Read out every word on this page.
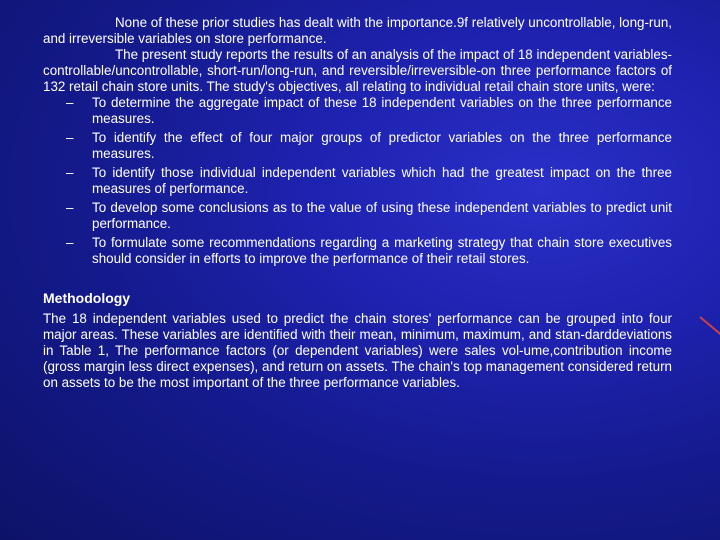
None of these prior studies has dealt with the importance.9f relatively uncontrollable, long-run, and irreversible variables on store performance.

The present study reports the results of an analysis of the impact of 18 independent variables-controllable/uncontrollable, short-run/long-run, and reversible/irreversible-on three performance factors of 132 retail chain store units. The study's objectives, all relating to individual retail chain store units, were:

– To determine the aggregate impact of these 18 independent variables on the three performance measures.
– To identify the effect of four major groups of predictor variables on the three performance measures.
– To identify those individual independent variables which had the greatest impact on the three measures of performance.
– To develop some conclusions as to the value of using these independent variables to predict unit performance.
– To formulate some recommendations regarding a marketing strategy that chain store executives should consider in efforts to improve the performance of their retail stores.
Methodology

The 18 independent variables used to predict the chain stores' performance can be grouped into four major areas. These variables are identified with their mean, minimum, maximum, and stan-darddeviations in Table 1, The performance factors (or dependent variables) were sales vol-ume,contribution income (gross margin less direct expenses), and return on assets. The chain's top management considered return on assets to be the most important of the three performance variables.
